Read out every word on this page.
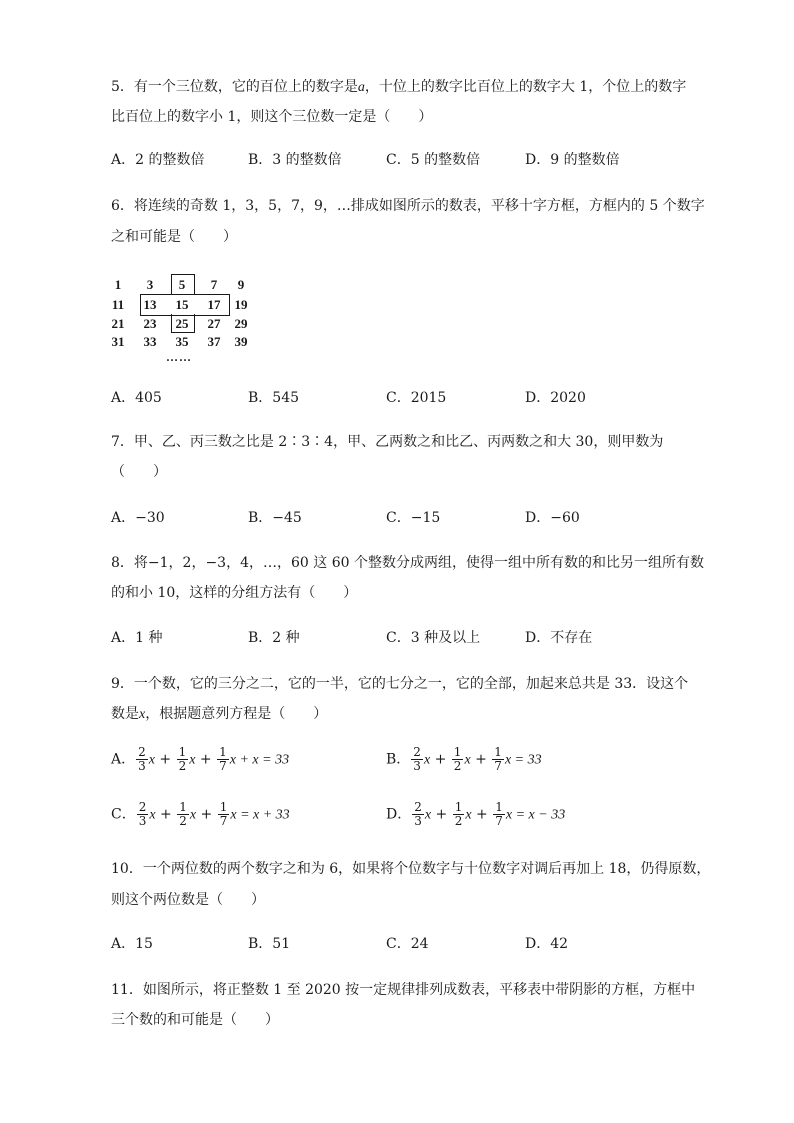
5．有一个三位数，它的百位上的数字是a，十位上的数字比百位上的数字大 1，个位上的数字
比百位上的数字小 1，则这个三位数一定是（　　）
A．2 的整数倍	B．3 的整数倍	C．5 的整数倍	D．9 的整数倍
6．将连续的奇数 1，3，5，7，9，…排成如图所示的数表，平移十字方框，方框内的 5 个数字
之和可能是（　　）
1	3	5	7	9
11	13	15	17	19
21	23	25	27	29
31	33	35	37	39
……
A．405	B．545	C．2015	D．2020
7．甲、乙、丙三数之比是 2∶3∶4，甲、乙两数之和比乙、丙两数之和大 30，则甲数为
（　　）
A．−30	B．−45	C．−15	D．−60
8．将−1，2，−3，4，…，60 这 60 个整数分成两组，使得一组中所有数的和比另一组所有数
的和小 10，这样的分组方法有（　　）
A．1 种	B．2 种	C．3 种及以上	D．不存在
9．一个数，它的三分之二，它的一半，它的七分之一，它的全部，加起来总共是 33．设这个
数是x，根据题意列方程是（　　）
A． $\frac{2}{3}$ $x + \frac{1}{2}$ $x + \frac{1}{7}$ x + x = 33	B． $\frac{2}{3}$ $x + \frac{1}{2}$ $x + \frac{1}{7}$ x = 33
C． $\frac{2}{3}$ $x + \frac{1}{2}$ $x + \frac{1}{7}$ x = x + 33	D． $\frac{2}{3}$ $x + \frac{1}{2}$ $x + \frac{1}{7}$ x = x − 33
10．一个两位数的两个数字之和为 6，如果将个位数字与十位数字对调后再加上 18，仍得原数，
则这个两位数是（　　）
A．15	B．51	C．24	D．42
11．如图所示，将正整数 1 至 2020 按一定规律排列成数表，平移表中带阴影的方框，方框中
三个数的和可能是（　　）
